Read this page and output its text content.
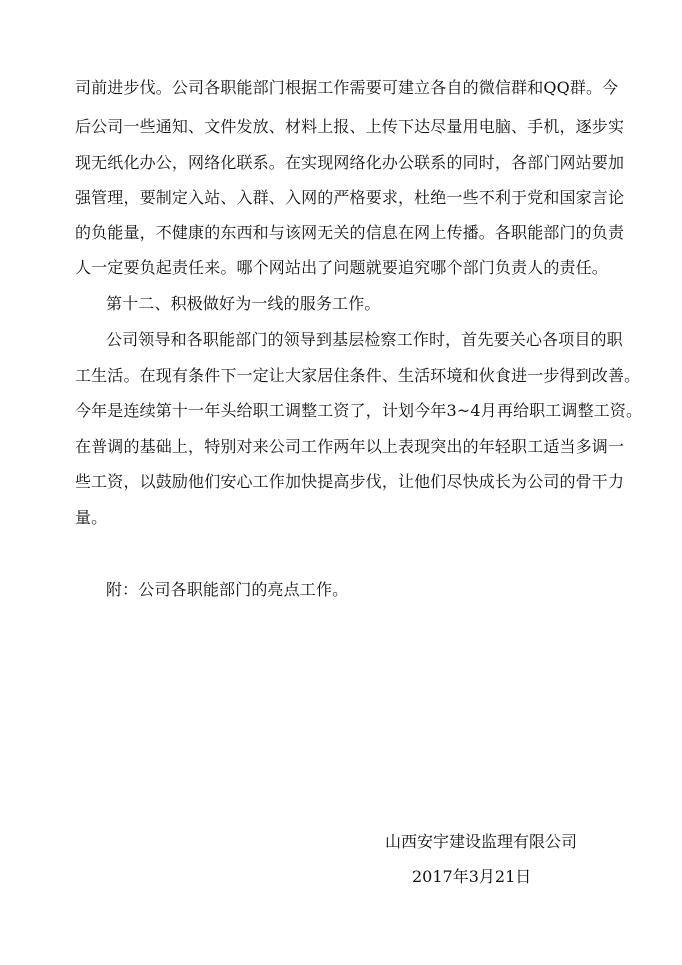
司前进步伐。公司各职能部门根据工作需要可建立各自的微信群和QQ群。今
后公司一些通知、文件发放、材料上报、上传下达尽量用电脑、手机，逐步实
现无纸化办公，网络化联系。在实现网络化办公联系的同时，各部门网站要加
强管理，要制定入站、入群、入网的严格要求，杜绝一些不利于党和国家言论
的负能量，不健康的东西和与该网无关的信息在网上传播。各职能部门的负责
人一定要负起责任来。哪个网站出了问题就要追究哪个部门负责人的责任。
第十二、积极做好为一线的服务工作。
公司领导和各职能部门的领导到基层检察工作时，首先要关心各项目的职
工生活。在现有条件下一定让大家居住条件、生活环境和伙食进一步得到改善。
今年是连续第十一年头给职工调整工资了，计划今年3~4月再给职工调整工资。
在普调的基础上，特别对来公司工作两年以上表现突出的年轻职工适当多调一
些工资，以鼓励他们安心工作加快提高步伐，让他们尽快成长为公司的骨干力
量。
附：公司各职能部门的亮点工作。
山西安宇建设监理有限公司
2017年3月21日
